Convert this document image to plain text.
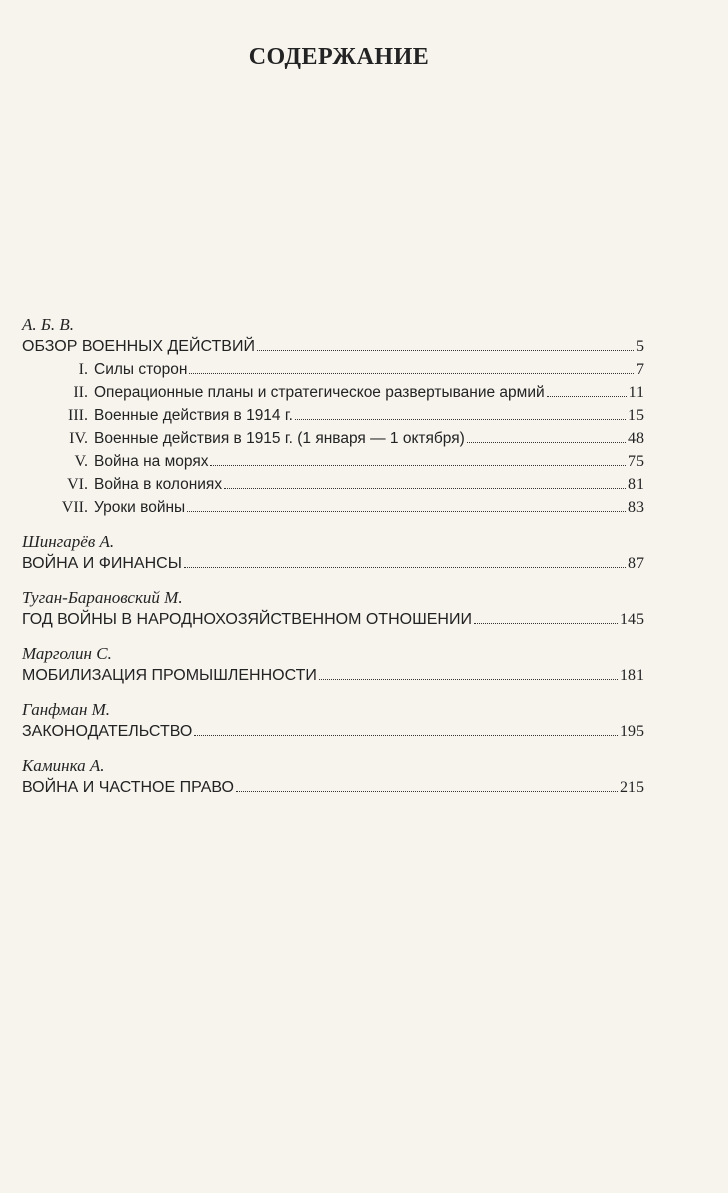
СОДЕРЖАНИЕ
А. Б. В.
ОБЗОР ВОЕННЫХ ДЕЙСТВИЙ	5
I. Силы сторон	7
II. Операционные планы и стратегическое развертывание армий	11
III. Военные действия в 1914 г.	15
IV. Военные действия в 1915 г. (1 января — 1 октября)	48
V. Война на морях	75
VI. Война в колониях	81
VII. Уроки войны	83
Шингарёв А.
ВОЙНА И ФИНАНСЫ	87
Туган-Барановский М.
ГОД ВОЙНЫ В НАРОДНОХОЗЯЙСТВЕННОМ ОТНОШЕНИИ	145
Марголин С.
МОБИЛИЗАЦИЯ ПРОМЫШЛЕННОСТИ	181
Ганфман М.
ЗАКОНОДАТЕЛЬСТВО	195
Каминка А.
ВОЙНА И ЧАСТНОЕ ПРАВО	215
